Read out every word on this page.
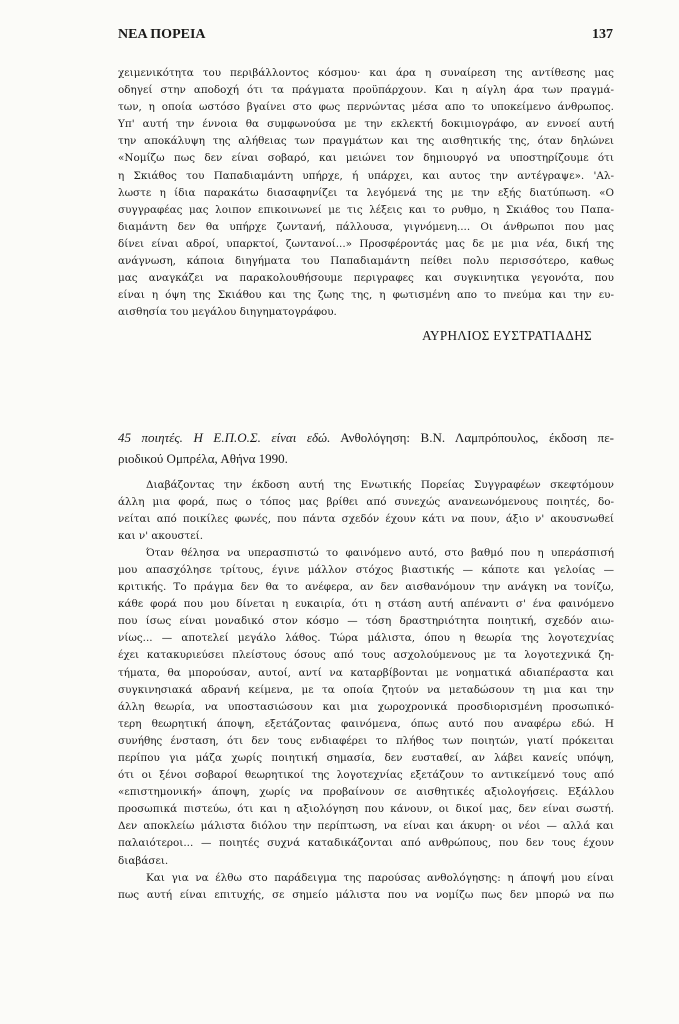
ΝΕΑ ΠΟΡΕΙΑ	137
χειμενικότητα του περιβάλλοντος κόσμου· και άρα η συναίρεση της αντίθεσης μας
οδηγεί στην αποδοχή ότι τα πράγματα προϋπάρχουν. Και η αίγλη άρα των πραγμά-
των, η οποία ωστόσο βγαίνει στο φως περνώντας μέσα απο το υποκείμενο άνθρωπος.
Υπ' αυτή την έννοια θα συμφωνούσα με την εκλεκτή δοκιμιογράφο, αν εννοεί αυτή
την αποκάλυψη της αλήθειας των πραγμάτων και της αισθητικής της, όταν δηλώνει
«Νομίζω πως δεν είναι σοβαρό, και μειώνει τον δημιουργό να υποστηρίζουμε ότι
η Σκιάθος του Παπαδιαμάντη υπήρχε, ή υπάρχει, και αυτος την αντέγραψε». 'Αλ-
λωστε η ίδια παρακάτω διασαφηνίζει τα λεγόμενά της με την εξής διατύπωση. «Ο
συγγραφέας μας λοιπον επικοινωνεί με τις λέξεις και το ρυθμο, η Σκιάθος του Παπα-
διαμάντη δεν θα υπήρχε ζωντανή, πάλλουσα, γιγνόμενη.... Οι άνθρωποι που μας
δίνει είναι αδροί, υπαρκτοί, ζωντανοί...» Προσφέροντάς μας δε με μια νέα, δική της
ανάγνωση, κάποια διηγήματα του Παπαδιαμάντη πείθει πολυ περισσότερο, καθως
μας αναγκάζει να παρακολουθήσουμε περιγραφες και συγκινητικα γεγονότα, που
είναι η όψη της Σκιάθου και της ζωης της, η φωτισμένη απο το πνεύμα και την ευ-
αισθησία του μεγάλου διηγηματογράφου.
ΑΥΡΗΛΙΟΣ ΕΥΣΤΡΑΤΙΑΔΗΣ
45 ποιητές. Η Ε.Π.Ο.Σ. είναι εδώ. Ανθολόγηση: Β.Ν. Λαμπρόπουλος, έκδοση πε-
ριοδικού Ομπρέλα, Αθήνα 1990.
Διαβάζοντας την έκδοση αυτή της Ενωτικής Πορείας Συγγραφέων σκεφτόμουν
άλλη μια φορά, πως ο τόπος μας βρίθει από συνεχώς ανανεωνόμενους ποιητές, δο-
νείται από ποικίλες φωνές, που πάντα σχεδόν έχουν κάτι να πουν, άξιο ν' ακουσνωθεί
και ν' ακουστεί.
Όταν θέλησα να υπερασπιστώ το φαινόμενο αυτό, στο βαθμό που η υπεράσπισή
μου απασχόλησε τρίτους, έγινε μάλλον στόχος βιαστικής — κάποτε και γελοίας —
κριτικής. Το πράγμα δεν θα το ανέφερα, αν δεν αισθανόμουν την ανάγκη να τονίζω,
κάθε φορά που μου δίνεται η ευκαιρία, ότι η στάση αυτή απέναντι σ' ένα φαινόμενο
που ίσως είναι μοναδικό στον κόσμο — τόση δραστηριότητα ποιητική, σχεδόν αιω-
νίως... — αποτελεί μεγάλο λάθος. Τώρα μάλιστα, όπου η θεωρία της λογοτεχνίας
έχει κατακυριεύσει πλείστους όσους από τους ασχολούμενους με τα λογοτεχνικά ζη-
τήματα, θα μπορούσαν, αυτοί, αντί να καταρβίβονται με νοηματικά αδιαπέραστα και
συγκινησιακά αδρανή κείμενα, με τα οποία ζητούν να μεταδώσουν τη μια και την
άλλη θεωρία, να υποστασιώσουν και μια χωροχρονικά προσδιορισμένη προσωπικό-
τερη θεωρητική άποψη, εξετάζοντας φαινόμενα, όπως αυτό που αναφέρω εδώ. Η
συνήθης ένσταση, ότι δεν τους ενδιαφέρει το πλήθος των ποιητών, γιατί πρόκειται
περίπου για μάζα χωρίς ποιητική σημασία, δεν ευσταθεί, αν λάβει κανείς υπόψη,
ότι οι ξένοι σοβαροί θεωρητικοί της λογοτεχνίας εξετάζουν το αντικείμενό τους από
«επιστημονική» άποψη, χωρίς να προβαίνουν σε αισθητικές αξιολογήσεις. Εξάλλου
προσωπικά πιστεύω, ότι και η αξιολόγηση που κάνουν, οι δικοί μας, δεν είναι σωστή.
Δεν αποκλείω μάλιστα διόλου την περίπτωση, να είναι και άκυρη· οι νέοι — αλλά και
παλαιότεροι... — ποιητές συχνά καταδικάζονται από ανθρώπους, που δεν τους έχουν
διαβάσει.
Και για να έλθω στο παράδειγμα της παρούσας ανθολόγησης: η άποψή μου είναι
πως αυτή είναι επιτυχής, σε σημείο μάλιστα που να νομίζω πως δεν μπορώ να πω
